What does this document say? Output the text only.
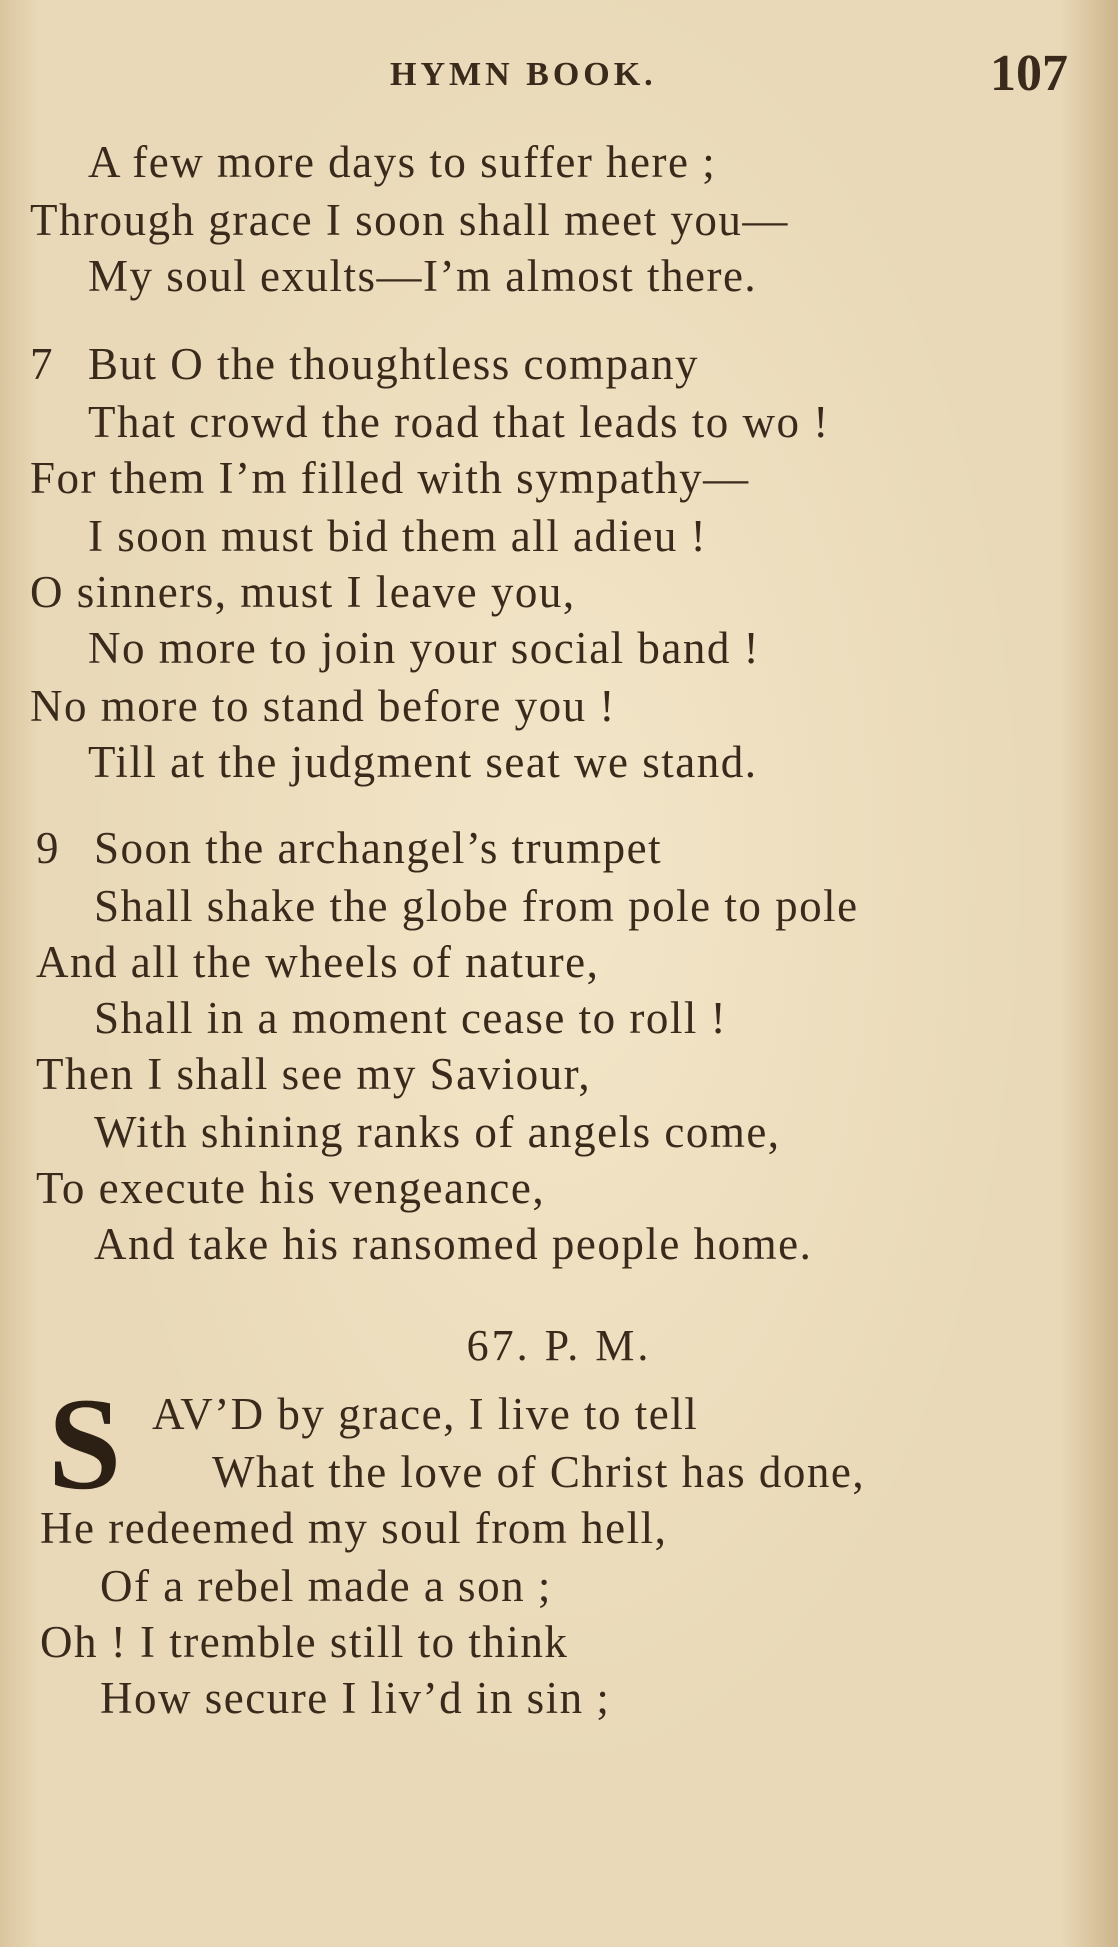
HYMN BOOK.	107
A few more days to suffer here ;
Through grace I soon shall meet you—
My soul exults—I’m almost there.
7 But O the thoughtless company
That crowd the road that leads to wo !
For them I’m filled with sympathy—
I soon must bid them all adieu !
O sinners, must I leave you,
No more to join your social band !
No more to stand before you !
Till at the judgment seat we stand.
9 Soon the archangel’s trumpet
Shall shake the globe from pole to pole
And all the wheels of nature,
Shall in a moment cease to roll !
Then I shall see my Saviour,
With shining ranks of angels come,
To execute his vengeance,
And take his ransomed people home.
67. P. M.
S AV’D by grace, I live to tell
What the love of Christ has done,
He redeemed my soul from hell,
Of a rebel made a son ;
Oh ! I tremble still to think
How secure I liv’d in sin ;
